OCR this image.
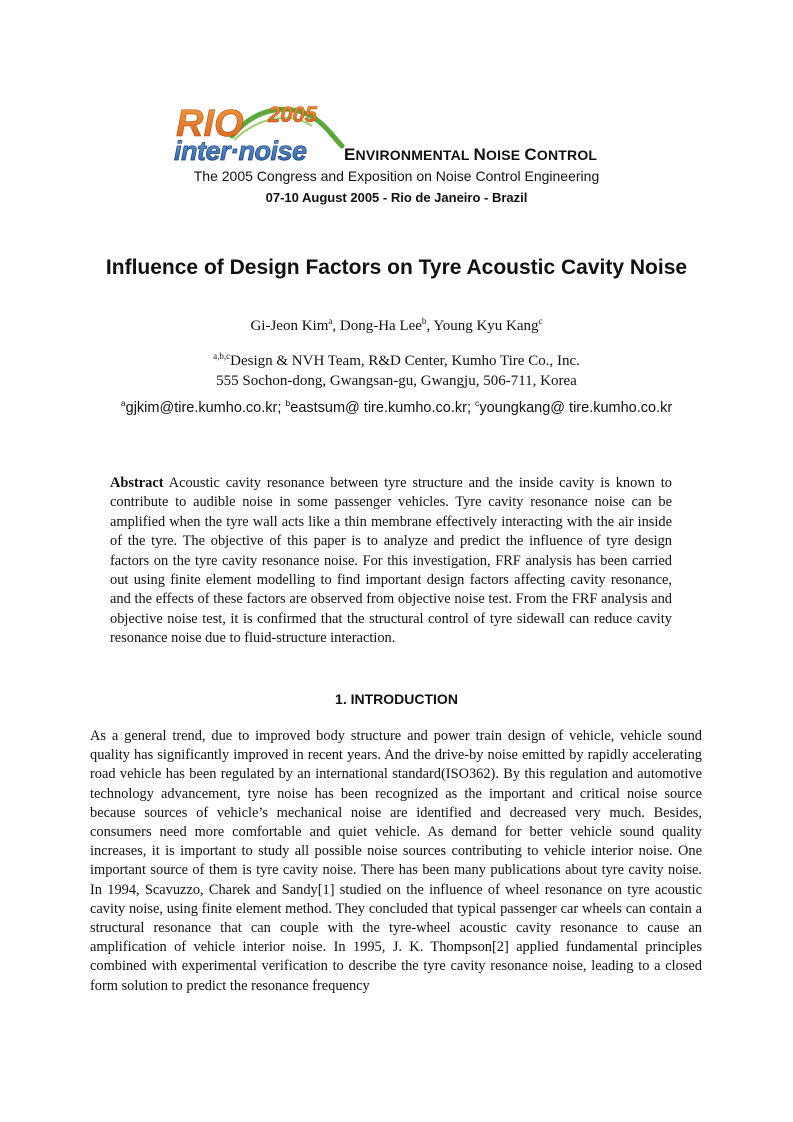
RIO 2005
inter·noise ENVIRONMENTAL NOISE CONTROL
The 2005 Congress and Exposition on Noise Control Engineering
07-10 August 2005 - Rio de Janeiro - Brazil
Influence of Design Factors on Tyre Acoustic Cavity Noise
Gi-Jeon Kim$^a$, Dong-Ha Lee$^b$, Young Kyu Kang$^c$
$^{a,b,c}$Design & NVH Team, R&D Center, Kumho Tire Co., Inc.
555 Sochon-dong, Gwangsan-gu, Gwangju, 506-711, Korea
$^a$gjkim@tire.kumho.co.kr; $^b$eastsum@ tire.kumho.co.kr; $^c$youngkang@ tire.kumho.co.kr

Abstract Acoustic cavity resonance between tyre structure and the inside cavity is known to contribute to audible noise in some passenger vehicles. Tyre cavity resonance noise can be amplified when the tyre wall acts like a thin membrane effectively interacting with the air inside of the tyre. The objective of this paper is to analyze and predict the influence of tyre design factors on the tyre cavity resonance noise. For this investigation, FRF analysis has been carried out using finite element modelling to find important design factors affecting cavity resonance, and the effects of these factors are observed from objective noise test. From the FRF analysis and objective noise test, it is confirmed that the structural control of tyre sidewall can reduce cavity resonance noise due to fluid-structure interaction.

1. INTRODUCTION

As a general trend, due to improved body structure and power train design of vehicle, vehicle sound quality has significantly improved in recent years. And the drive-by noise emitted by rapidly accelerating road vehicle has been regulated by an international standard(ISO362). By this regulation and automotive technology advancement, tyre noise has been recognized as the important and critical noise source because sources of vehicle’s mechanical noise are identified and decreased very much. Besides, consumers need more comfortable and quiet vehicle. As demand for better vehicle sound quality increases, it is important to study all possible noise sources contributing to vehicle interior noise. One important source of them is tyre cavity noise. There has been many publications about tyre cavity noise. In 1994, Scavuzzo, Charek and Sandy[1] studied on the influence of wheel resonance on tyre acoustic cavity noise, using finite element method. They concluded that typical passenger car wheels can contain a structural resonance that can couple with the tyre-wheel acoustic cavity resonance to cause an amplification of vehicle interior noise. In 1995, J. K. Thompson[2] applied fundamental principles combined with experimental verification to describe the tyre cavity resonance noise, leading to a closed form solution to predict the resonance frequency
